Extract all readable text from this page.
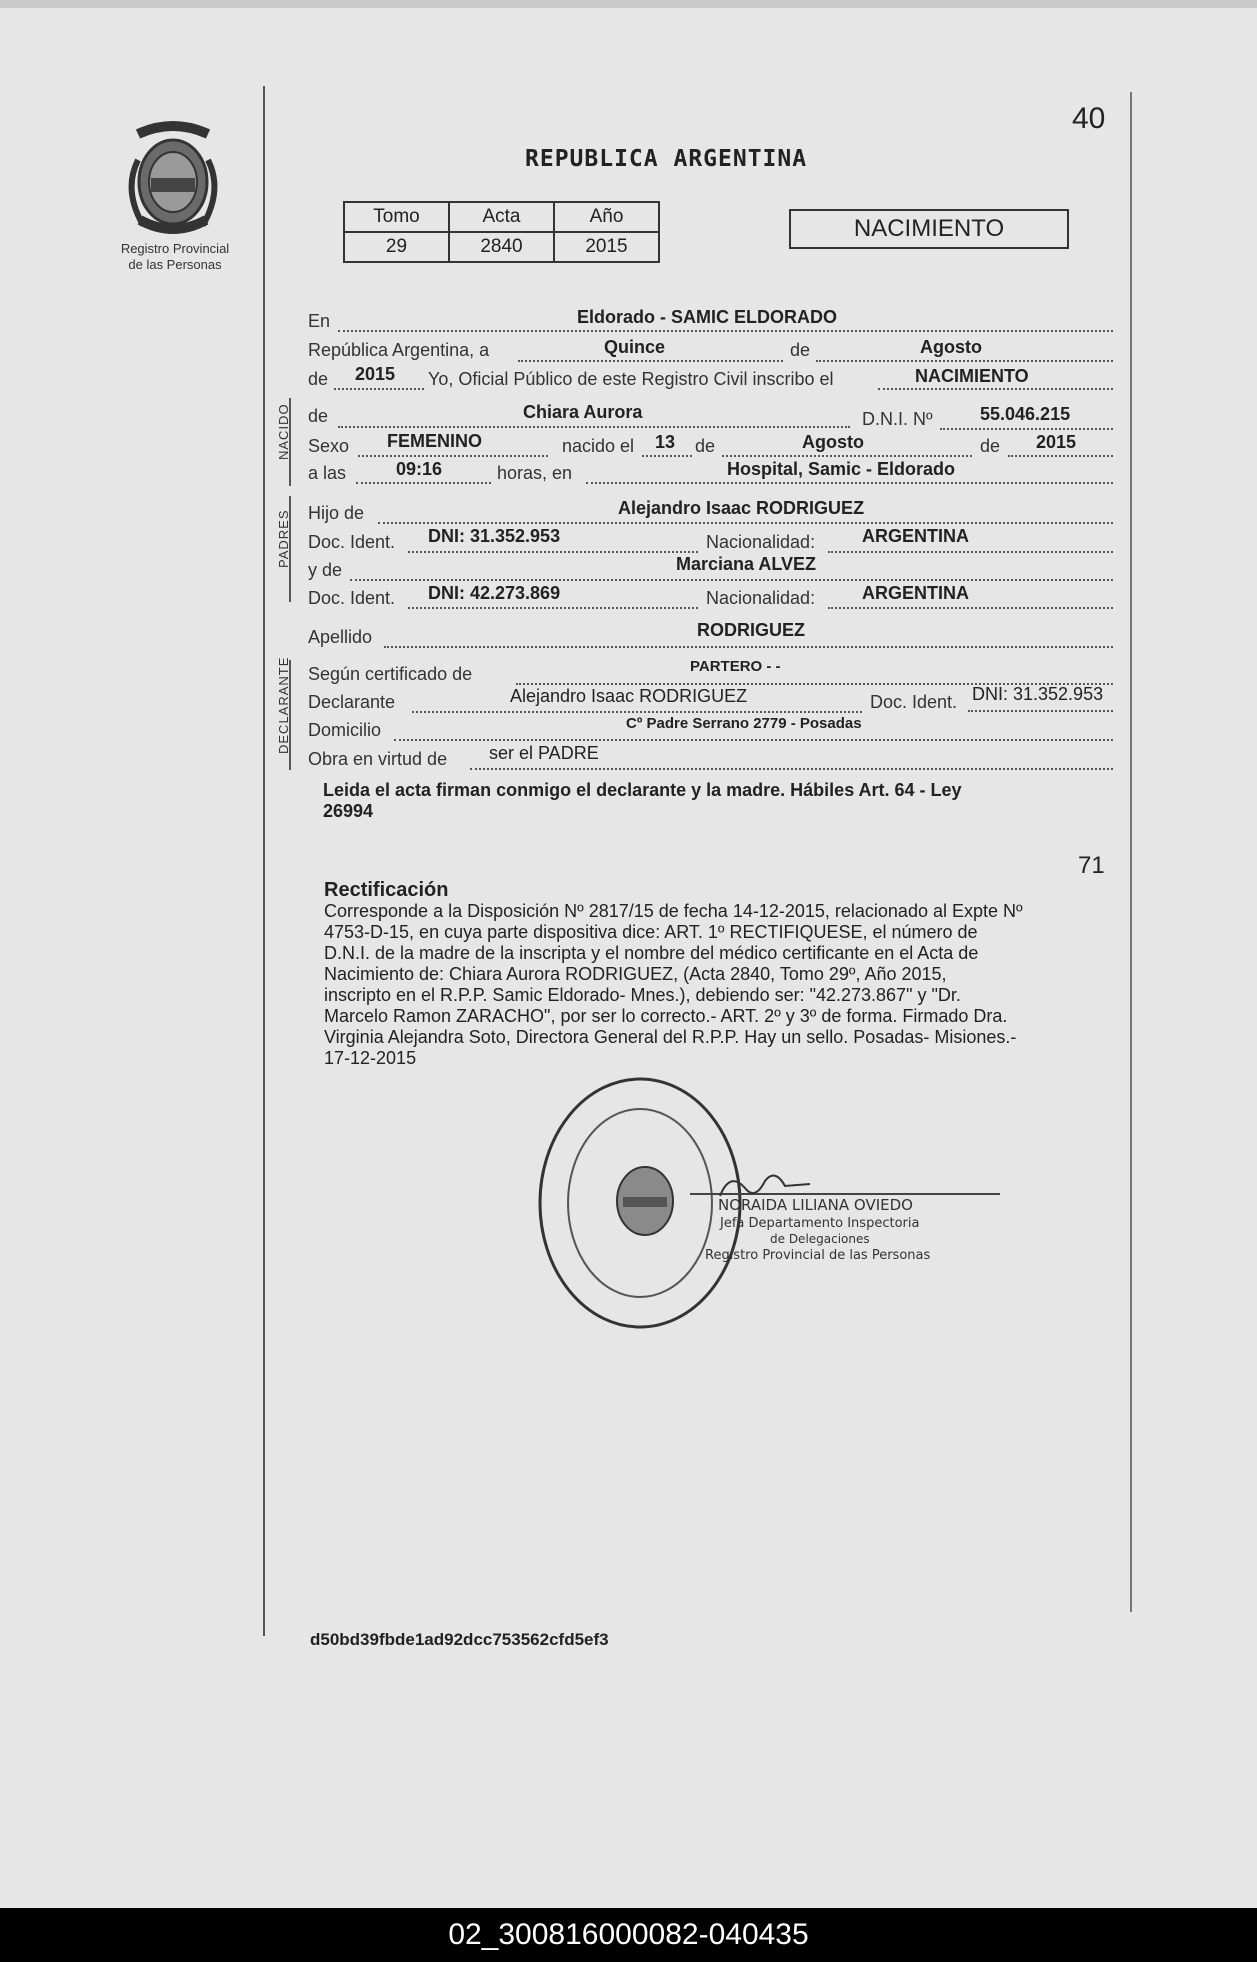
Registro Provincial
de las Personas
40
REPUBLICA ARGENTINA
Tomo	Acta	Año
29	2840	2015
NACIMIENTO
NACIDO
PADRES
DECLARANTE
En	Eldorado - SAMIC ELDORADO
República Argentina, a	Quince	de	Agosto
de 2015 Yo, Oficial Público de este Registro Civil inscribo el	NACIMIENTO
de	Chiara Aurora	D.N.I. Nº	55.046.215
Sexo FEMENINO	nacido el 13 de	Agosto	de 2015
a las	09:16	horas, en	Hospital, Samic - Eldorado
Hijo de	Alejandro Isaac RODRIGUEZ
Doc. Ident. DNI: 31.352.953	Nacionalidad:	ARGENTINA
y de	Marciana ALVEZ
Doc. Ident. DNI: 42.273.869	Nacionalidad:	ARGENTINA
Apellido	RODRIGUEZ
Según certificado de	PARTERO - -
Declarante	Alejandro Isaac RODRIGUEZ	Doc. Ident. DNI: 31.352.953
Domicilio	Cº Padre Serrano 2779 - Posadas
Obra en virtud de ser el PADRE
Leida el acta firman conmigo el declarante y la madre. Hábiles Art. 64 - Ley
26994
71
Rectificación
Corresponde a la Disposición Nº 2817/15 de fecha 14-12-2015, relacionado al Expte Nº
4753-D-15, en cuya parte dispositiva dice: ART. 1º RECTIFIQUESE, el número de
D.N.I. de la madre de la inscripta y el nombre del médico certificante en el Acta de
Nacimiento de: Chiara Aurora RODRIGUEZ, (Acta 2840, Tomo 29º, Año 2015,
inscripto en el R.P.P. Samic Eldorado- Mnes.), debiendo ser: "42.273.867" y "Dr.
Marcelo Ramon ZARACHO", por ser lo correcto.- ART. 2º y 3º de forma. Firmado Dra.
Virginia Alejandra Soto, Directora General del R.P.P. Hay un sello. Posadas- Misiones.-
17-12-2015
NORAIDA LILIANA OVIEDO
Jefa Departamento Inspectoria
de Delegaciones
Registro Provincial de las Personas
d50bd39fbde1ad92dcc753562cfd5ef3
02_300816000082-040435
